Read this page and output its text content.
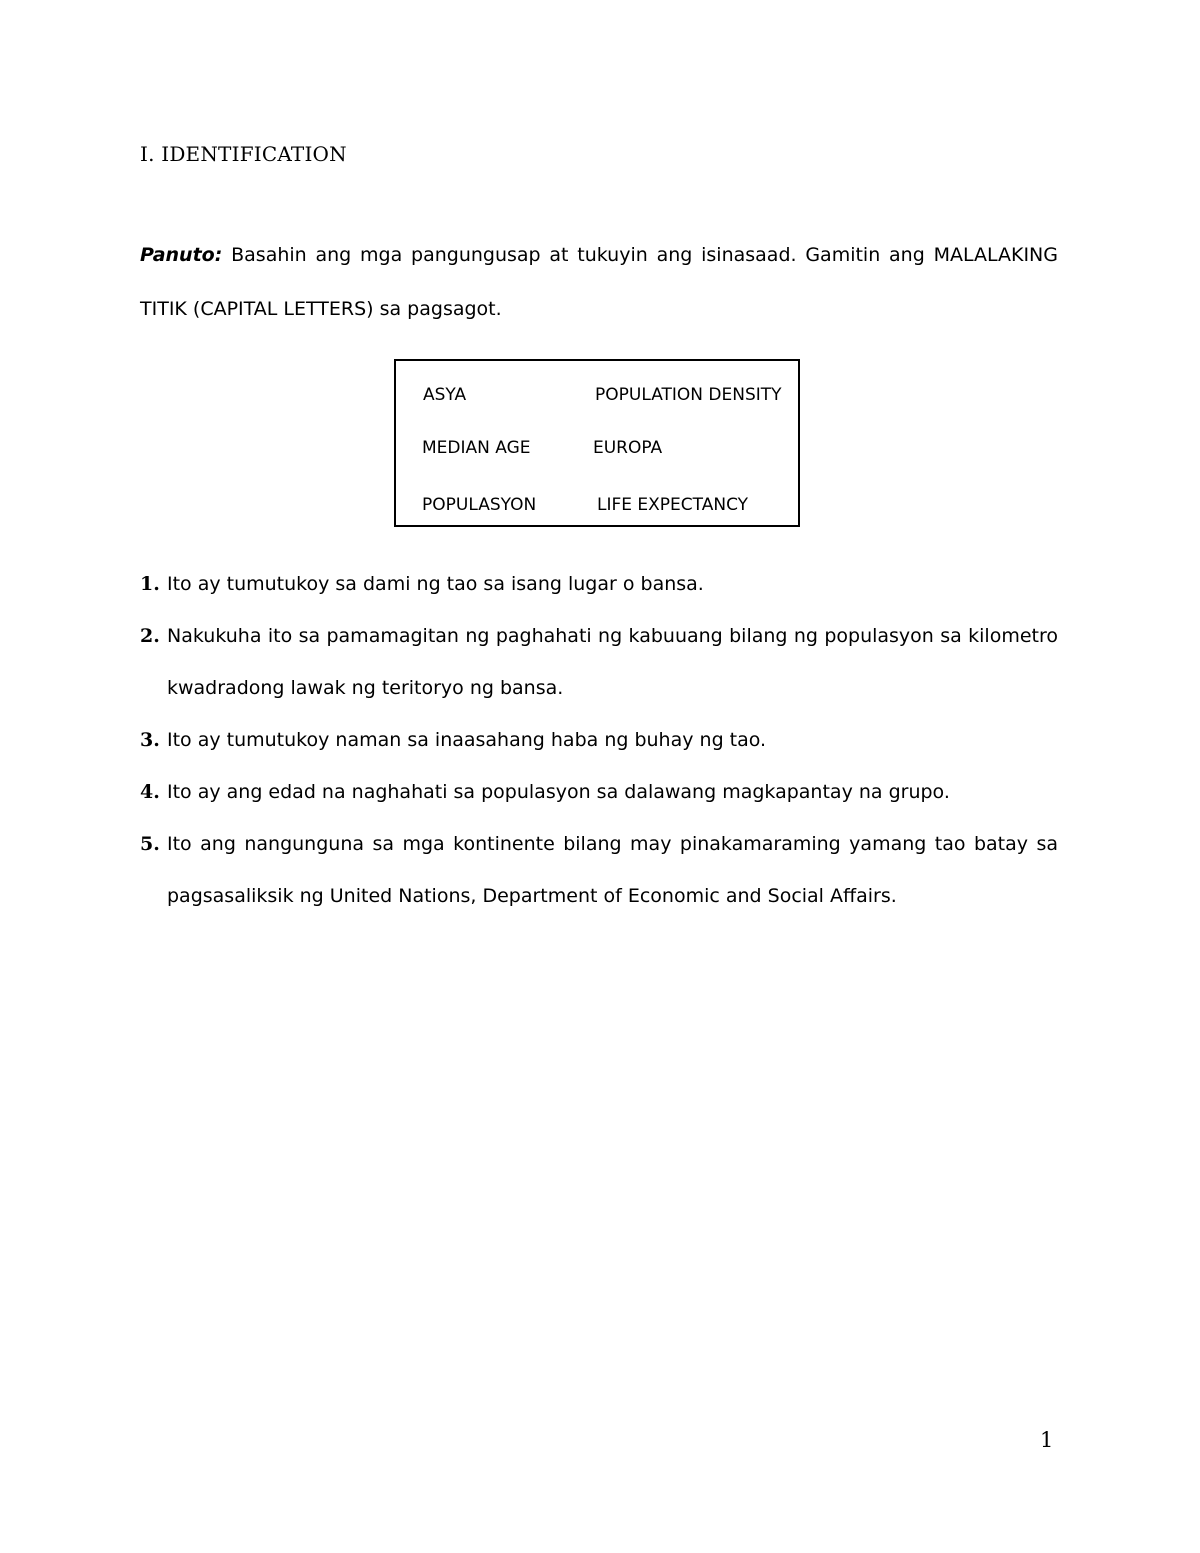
I. IDENTIFICATION

Panuto: Basahin ang mga pangungusap at tukuyin ang isinasaad. Gamitin ang MALALAKING TITIK (CAPITAL LETTERS) sa pagsagot.

ASYA	POPULATION DENSITY
MEDIAN AGE	EUROPA
POPULASYON	LIFE EXPECTANCY
1. Ito ay tumutukoy sa dami ng tao sa isang lugar o bansa.
2. Nakukuha ito sa pamamagitan ng paghahati ng kabuuang bilang ng populasyon sa kilometro kwadradong lawak ng teritoryo ng bansa.
3. Ito ay tumutukoy naman sa inaasahang haba ng buhay ng tao.
4. Ito ay ang edad na naghahati sa populasyon sa dalawang magkapantay na grupo.
5. Ito ang nangunguna sa mga kontinente bilang may pinakamaraming yamang tao batay sa pagsasaliksik ng United Nations, Department of Economic and Social Affairs.
1
